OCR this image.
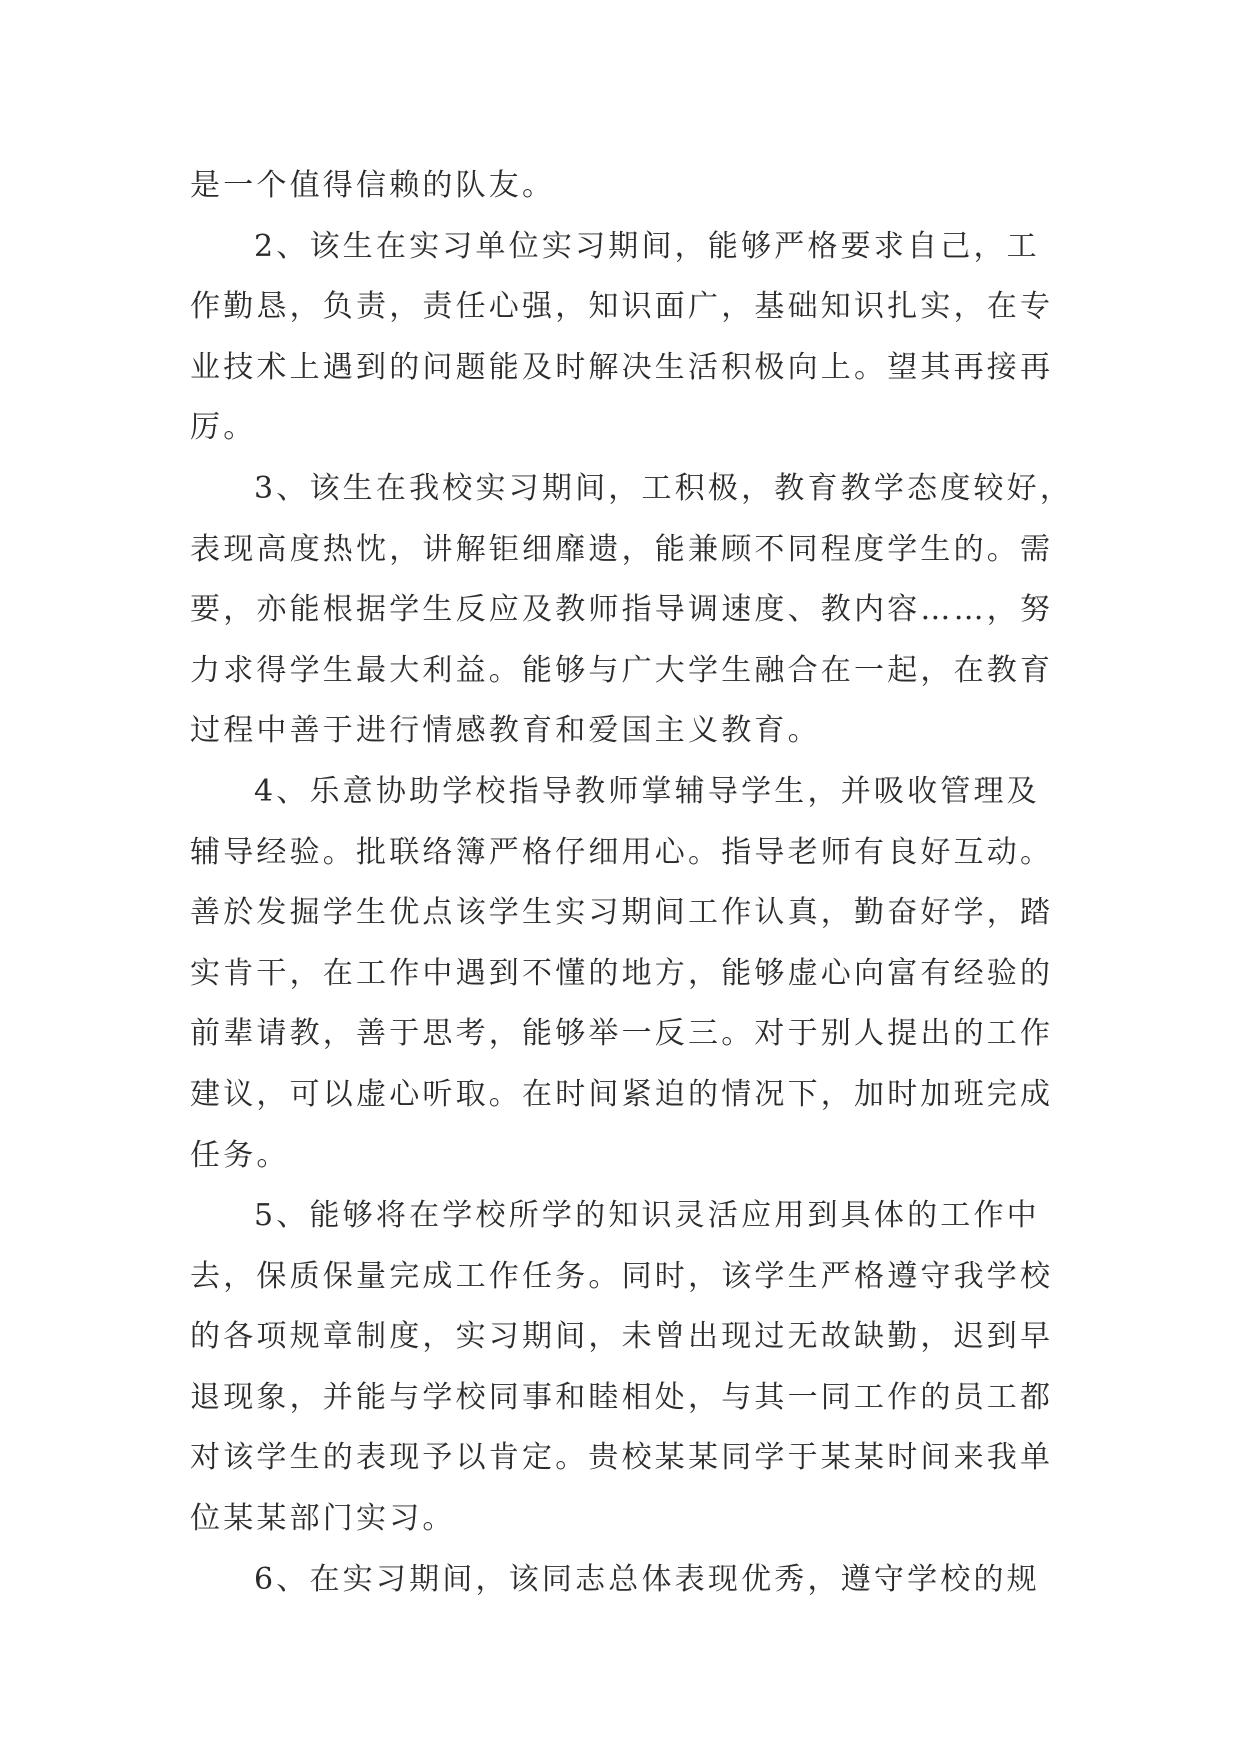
是一个值得信赖的队友。

2、该生在实习单位实习期间，能够严格要求自己，工
作勤恳，负责，责任心强，知识面广，基础知识扎实，在专
业技术上遇到的问题能及时解决生活积极向上。望其再接再
厉。

3、该生在我校实习期间，工积极，教育教学态度较好，
表现高度热忱，讲解钜细靡遗，能兼顾不同程度学生的。需
要，亦能根据学生反应及教师指导调速度、教内容……，努
力求得学生最大利益。能够与广大学生融合在一起，在教育
过程中善于进行情感教育和爱国主义教育。

4、乐意协助学校指导教师掌辅导学生，并吸收管理及
辅导经验。批联络簿严格仔细用心。指导老师有良好互动。
善於发掘学生优点该学生实习期间工作认真，勤奋好学，踏
实肯干，在工作中遇到不懂的地方，能够虚心向富有经验的
前辈请教，善于思考，能够举一反三。对于别人提出的工作
建议，可以虚心听取。在时间紧迫的情况下，加时加班完成
任务。

5、能够将在学校所学的知识灵活应用到具体的工作中
去，保质保量完成工作任务。同时，该学生严格遵守我学校
的各项规章制度，实习期间，未曾出现过无故缺勤，迟到早
退现象，并能与学校同事和睦相处，与其一同工作的员工都
对该学生的表现予以肯定。贵校某某同学于某某时间来我单
位某某部门实习。

6、在实习期间，该同志总体表现优秀，遵守学校的规
